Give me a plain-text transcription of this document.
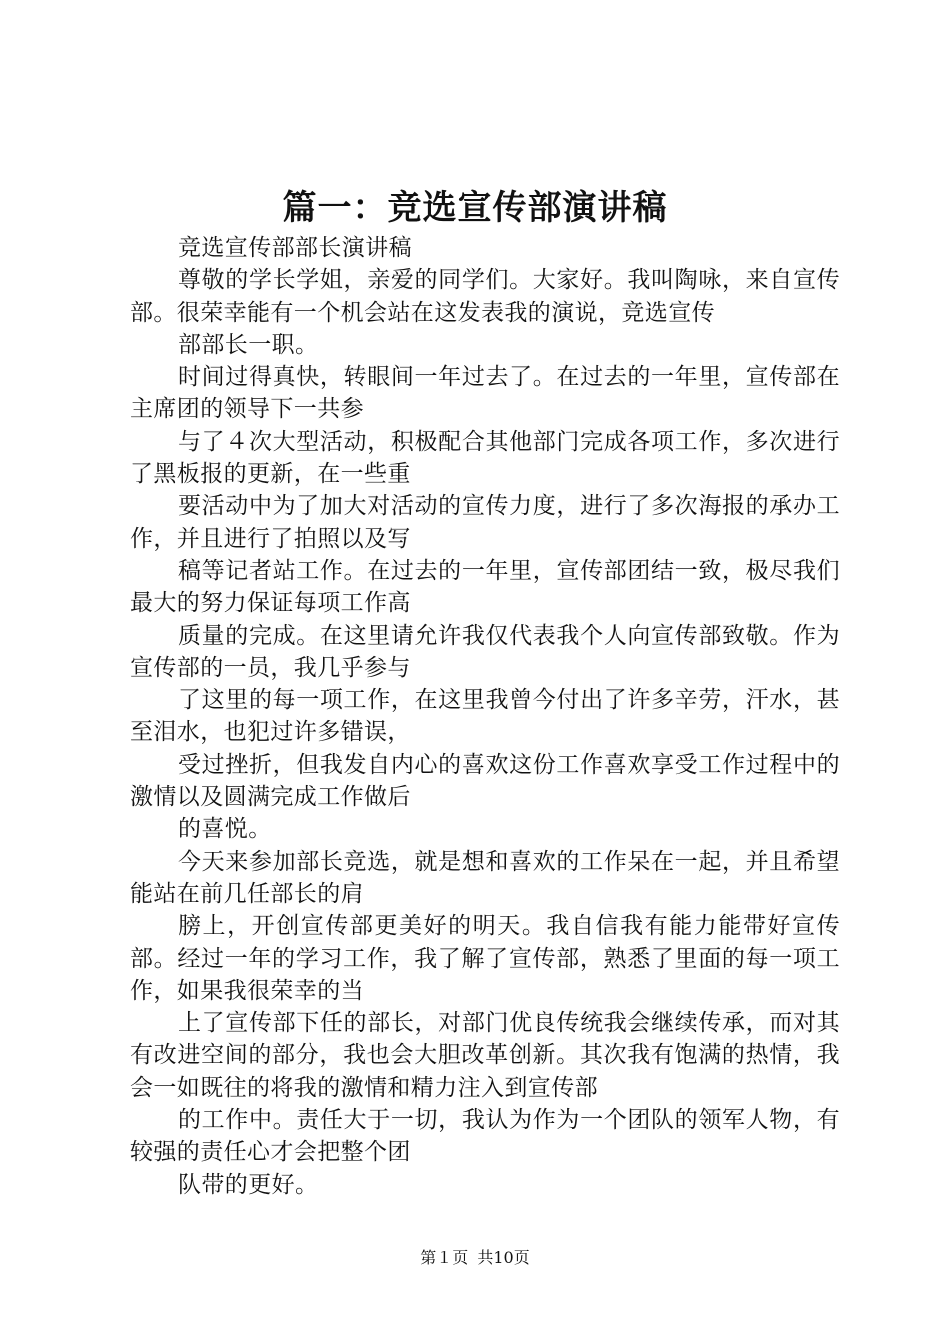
篇一：竞选宣传部演讲稿

竞选宣传部部长演讲稿

尊敬的学长学姐，亲爱的同学们。大家好。我叫陶咏，来自宣传部。很荣幸能有一个机会站在这发表我的演说，竞选宣传

部部长一职。

时间过得真快，转眼间一年过去了。在过去的一年里，宣传部在主席团的领导下一共参

与了４次大型活动，积极配合其他部门完成各项工作，多次进行了黑板报的更新，在一些重

要活动中为了加大对活动的宣传力度，进行了多次海报的承办工作，并且进行了拍照以及写

稿等记者站工作。在过去的一年里，宣传部团结一致，极尽我们最大的努力保证每项工作高

质量的完成。在这里请允许我仅代表我个人向宣传部致敬。作为宣传部的一员，我几乎参与

了这里的每一项工作，在这里我曾今付出了许多辛劳，汗水，甚至泪水，也犯过许多错误，

受过挫折，但我发自内心的喜欢这份工作喜欢享受工作过程中的激情以及圆满完成工作做后

的喜悦。

今天来参加部长竞选，就是想和喜欢的工作呆在一起，并且希望能站在前几任部长的肩

膀上，开创宣传部更美好的明天。我自信我有能力能带好宣传部。经过一年的学习工作，我了解了宣传部，熟悉了里面的每一项工作，如果我很荣幸的当

上了宣传部下任的部长，对部门优良传统我会继续传承，而对其有改进空间的部分，我也会大胆改革创新。其次我有饱满的热情，我会一如既往的将我的激情和精力注入到宣传部

的工作中。责任大于一切，我认为作为一个团队的领军人物，有较强的责任心才会把整个团

队带的更好。

第１页 共10页
